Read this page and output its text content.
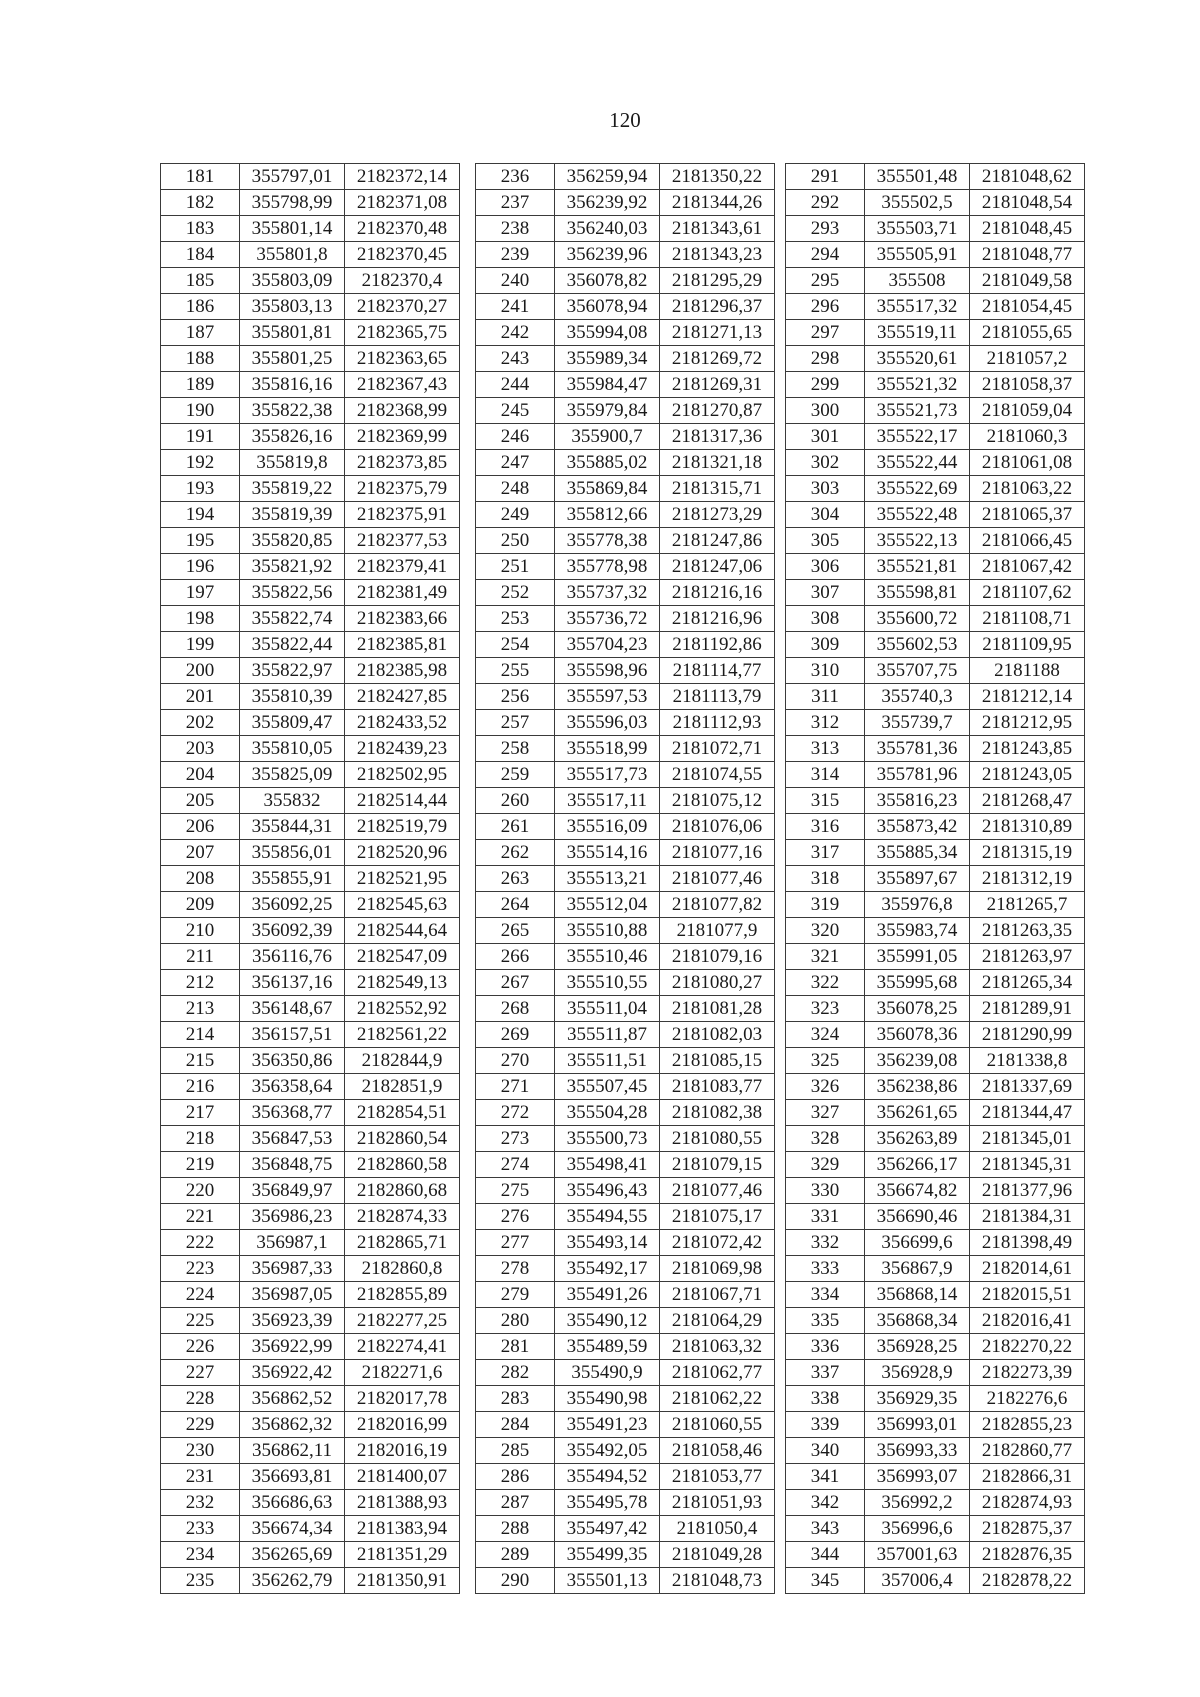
120
181	355797,01	2182372,14
182	355798,99	2182371,08
183	355801,14	2182370,48
184	355801,8	2182370,45
185	355803,09	2182370,4
186	355803,13	2182370,27
187	355801,81	2182365,75
188	355801,25	2182363,65
189	355816,16	2182367,43
190	355822,38	2182368,99
191	355826,16	2182369,99
192	355819,8	2182373,85
193	355819,22	2182375,79
194	355819,39	2182375,91
195	355820,85	2182377,53
196	355821,92	2182379,41
197	355822,56	2182381,49
198	355822,74	2182383,66
199	355822,44	2182385,81
200	355822,97	2182385,98
201	355810,39	2182427,85
202	355809,47	2182433,52
203	355810,05	2182439,23
204	355825,09	2182502,95
205	355832	2182514,44
206	355844,31	2182519,79
207	355856,01	2182520,96
208	355855,91	2182521,95
209	356092,25	2182545,63
210	356092,39	2182544,64
211	356116,76	2182547,09
212	356137,16	2182549,13
213	356148,67	2182552,92
214	356157,51	2182561,22
215	356350,86	2182844,9
216	356358,64	2182851,9
217	356368,77	2182854,51
218	356847,53	2182860,54
219	356848,75	2182860,58
220	356849,97	2182860,68
221	356986,23	2182874,33
222	356987,1	2182865,71
223	356987,33	2182860,8
224	356987,05	2182855,89
225	356923,39	2182277,25
226	356922,99	2182274,41
227	356922,42	2182271,6
228	356862,52	2182017,78
229	356862,32	2182016,99
230	356862,11	2182016,19
231	356693,81	2181400,07
232	356686,63	2181388,93
233	356674,34	2181383,94
234	356265,69	2181351,29
235	356262,79	2181350,91
236	356259,94	2181350,22
237	356239,92	2181344,26
238	356240,03	2181343,61
239	356239,96	2181343,23
240	356078,82	2181295,29
241	356078,94	2181296,37
242	355994,08	2181271,13
243	355989,34	2181269,72
244	355984,47	2181269,31
245	355979,84	2181270,87
246	355900,7	2181317,36
247	355885,02	2181321,18
248	355869,84	2181315,71
249	355812,66	2181273,29
250	355778,38	2181247,86
251	355778,98	2181247,06
252	355737,32	2181216,16
253	355736,72	2181216,96
254	355704,23	2181192,86
255	355598,96	2181114,77
256	355597,53	2181113,79
257	355596,03	2181112,93
258	355518,99	2181072,71
259	355517,73	2181074,55
260	355517,11	2181075,12
261	355516,09	2181076,06
262	355514,16	2181077,16
263	355513,21	2181077,46
264	355512,04	2181077,82
265	355510,88	2181077,9
266	355510,46	2181079,16
267	355510,55	2181080,27
268	355511,04	2181081,28
269	355511,87	2181082,03
270	355511,51	2181085,15
271	355507,45	2181083,77
272	355504,28	2181082,38
273	355500,73	2181080,55
274	355498,41	2181079,15
275	355496,43	2181077,46
276	355494,55	2181075,17
277	355493,14	2181072,42
278	355492,17	2181069,98
279	355491,26	2181067,71
280	355490,12	2181064,29
281	355489,59	2181063,32
282	355490,9	2181062,77
283	355490,98	2181062,22
284	355491,23	2181060,55
285	355492,05	2181058,46
286	355494,52	2181053,77
287	355495,78	2181051,93
288	355497,42	2181050,4
289	355499,35	2181049,28
290	355501,13	2181048,73
291	355501,48	2181048,62
292	355502,5	2181048,54
293	355503,71	2181048,45
294	355505,91	2181048,77
295	355508	2181049,58
296	355517,32	2181054,45
297	355519,11	2181055,65
298	355520,61	2181057,2
299	355521,32	2181058,37
300	355521,73	2181059,04
301	355522,17	2181060,3
302	355522,44	2181061,08
303	355522,69	2181063,22
304	355522,48	2181065,37
305	355522,13	2181066,45
306	355521,81	2181067,42
307	355598,81	2181107,62
308	355600,72	2181108,71
309	355602,53	2181109,95
310	355707,75	2181188
311	355740,3	2181212,14
312	355739,7	2181212,95
313	355781,36	2181243,85
314	355781,96	2181243,05
315	355816,23	2181268,47
316	355873,42	2181310,89
317	355885,34	2181315,19
318	355897,67	2181312,19
319	355976,8	2181265,7
320	355983,74	2181263,35
321	355991,05	2181263,97
322	355995,68	2181265,34
323	356078,25	2181289,91
324	356078,36	2181290,99
325	356239,08	2181338,8
326	356238,86	2181337,69
327	356261,65	2181344,47
328	356263,89	2181345,01
329	356266,17	2181345,31
330	356674,82	2181377,96
331	356690,46	2181384,31
332	356699,6	2181398,49
333	356867,9	2182014,61
334	356868,14	2182015,51
335	356868,34	2182016,41
336	356928,25	2182270,22
337	356928,9	2182273,39
338	356929,35	2182276,6
339	356993,01	2182855,23
340	356993,33	2182860,77
341	356993,07	2182866,31
342	356992,2	2182874,93
343	356996,6	2182875,37
344	357001,63	2182876,35
345	357006,4	2182878,22
